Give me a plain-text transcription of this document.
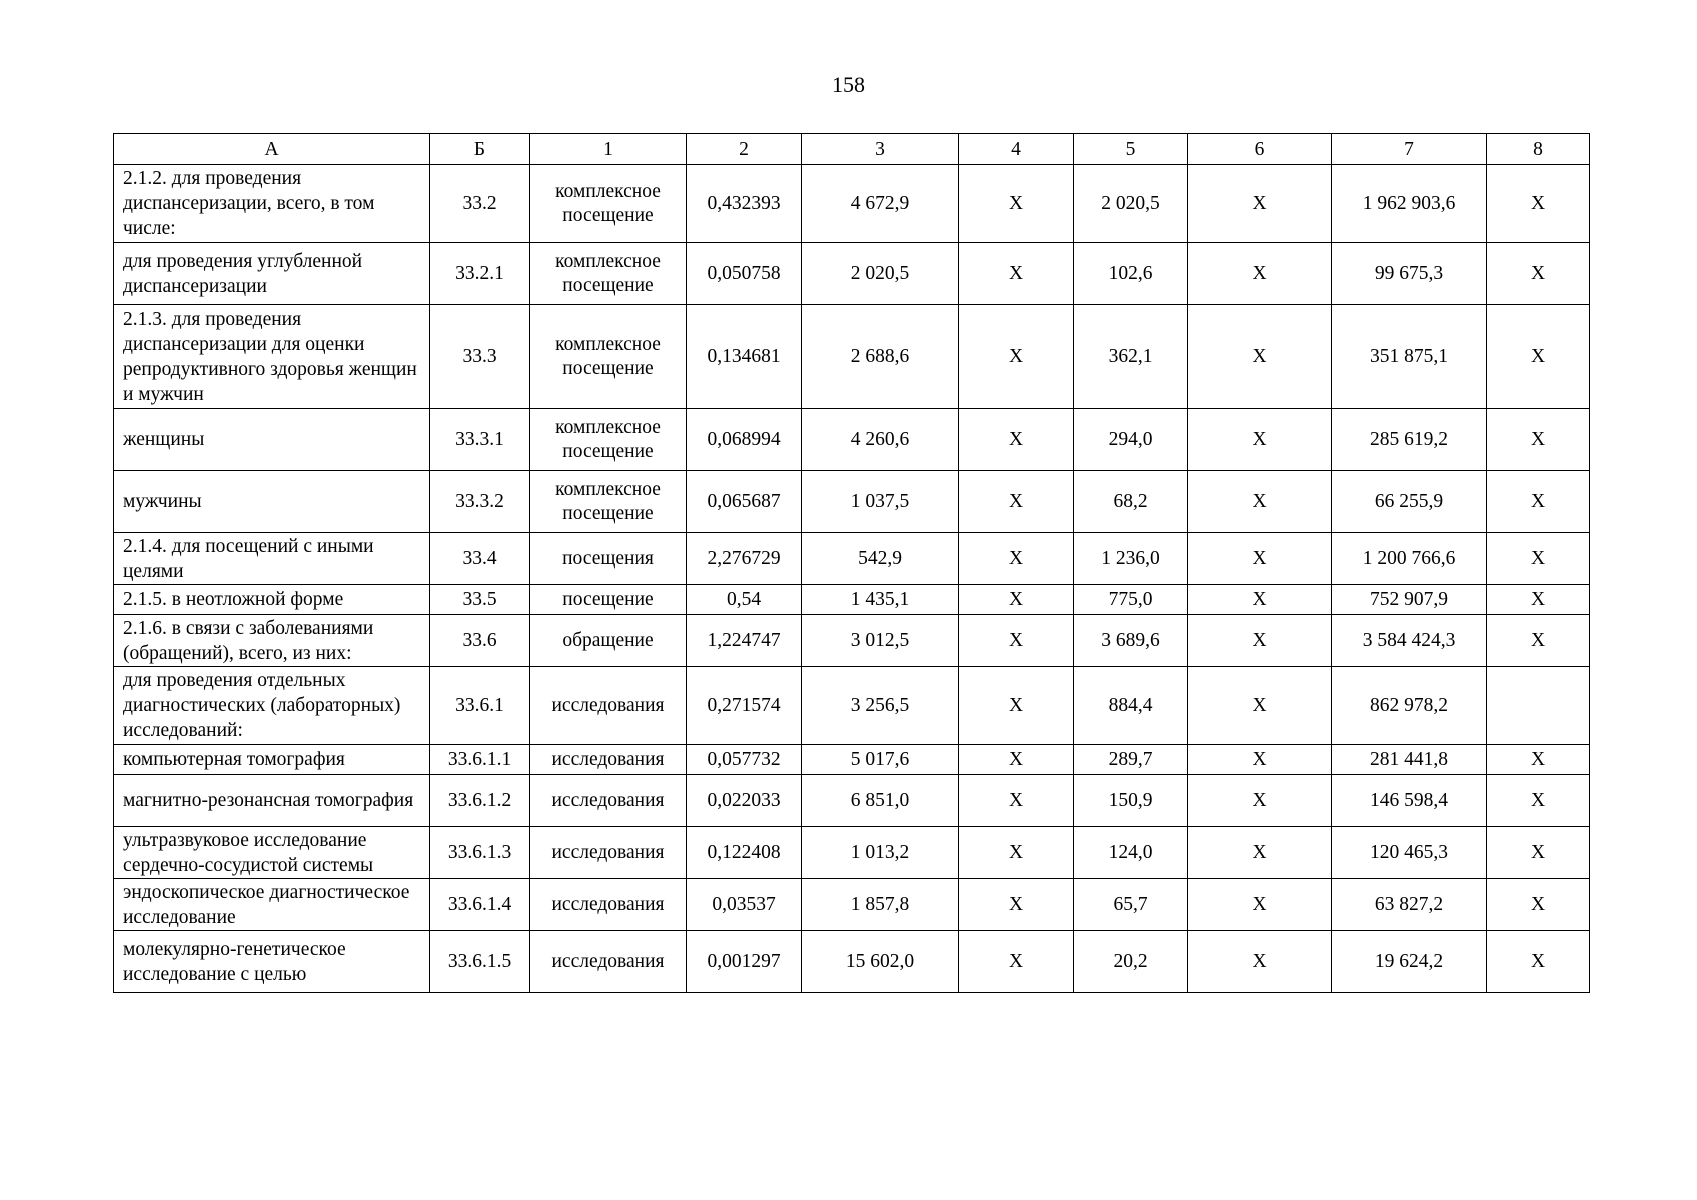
158
А	Б	1	2	3	4	5	6	7	8
2.1.2. для проведения диспансеризации, всего, в том числе:	33.2	комплексное посещение	0,432393	4 672,9	X	2 020,5	X	1 962 903,6	X
для проведения углубленной диспансеризации	33.2.1	комплексное посещение	0,050758	2 020,5	X	102,6	X	99 675,3	X
2.1.3. для проведения диспансеризации для оценки репродуктивного здоровья женщин и мужчин	33.3	комплексное посещение	0,134681	2 688,6	X	362,1	X	351 875,1	X
женщины	33.3.1	комплексное посещение	0,068994	4 260,6	X	294,0	X	285 619,2	X
мужчины	33.3.2	комплексное посещение	0,065687	1 037,5	X	68,2	X	66 255,9	X
2.1.4. для посещений с иными целями	33.4	посещения	2,276729	542,9	X	1 236,0	X	1 200 766,6	X
2.1.5. в неотложной форме	33.5	посещение	0,54	1 435,1	X	775,0	X	752 907,9	X
2.1.6. в связи с заболеваниями (обращений), всего, из них:	33.6	обращение	1,224747	3 012,5	X	3 689,6	X	3 584 424,3	X
для проведения отдельных диагностических (лабораторных) исследований:	33.6.1	исследования	0,271574	3 256,5	X	884,4	X	862 978,2	
компьютерная томография	33.6.1.1	исследования	0,057732	5 017,6	X	289,7	X	281 441,8	X
магнитно-резонансная томография	33.6.1.2	исследования	0,022033	6 851,0	X	150,9	X	146 598,4	X
ультразвуковое исследование сердечно-сосудистой системы	33.6.1.3	исследования	0,122408	1 013,2	X	124,0	X	120 465,3	X
эндоскопическое диагностическое исследование	33.6.1.4	исследования	0,03537	1 857,8	X	65,7	X	63 827,2	X
молекулярно-генетическое исследование с целью	33.6.1.5	исследования	0,001297	15 602,0	X	20,2	X	19 624,2	X
